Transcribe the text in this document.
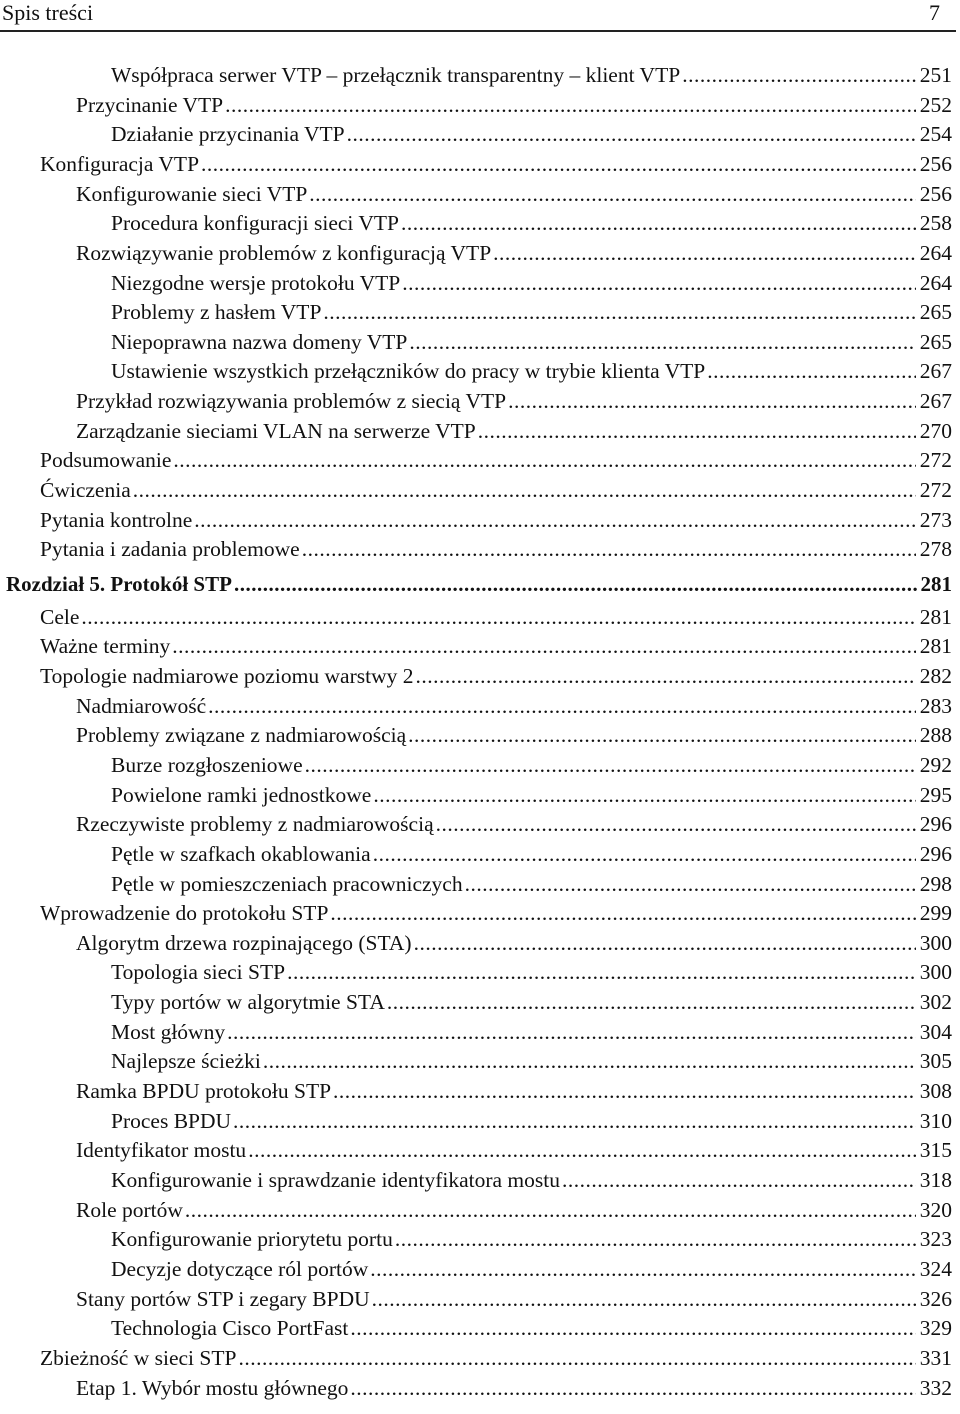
Spis treści	7
Współpraca serwer VTP – przełącznik transparentny – klient VTP .....	251
Przycinanie VTP .....	252
Działanie przycinania VTP .....	254
Konfiguracja VTP .....	256
Konfigurowanie sieci VTP .....	256
Procedura konfiguracji sieci VTP .....	258
Rozwiązywanie problemów z konfiguracją VTP .....	264
Niezgodne wersje protokołu VTP .....	264
Problemy z hasłem VTP .....	265
Niepoprawna nazwa domeny VTP .....	265
Ustawienie wszystkich przełączników do pracy w trybie klienta VTP .....	267
Przykład rozwiązywania problemów z siecią VTP .....	267
Zarządzanie sieciami VLAN na serwerze VTP .....	270
Podsumowanie .....	272
Ćwiczenia .....	272
Pytania kontrolne .....	273
Pytania i zadania problemowe .....	278
Rozdział 5. Protokół STP .....	281
Cele .....	281
Ważne terminy .....	281
Topologie nadmiarowe poziomu warstwy 2 .....	282
Nadmiarowość .....	283
Problemy związane z nadmiarowością .....	288
Burze rozgłoszeniowe .....	292
Powielone ramki jednostkowe .....	295
Rzeczywiste problemy z nadmiarowością .....	296
Pętle w szafkach okablowania .....	296
Pętle w pomieszczeniach pracowniczych .....	298
Wprowadzenie do protokołu STP .....	299
Algorytm drzewa rozpinającego (STA) .....	300
Topologia sieci STP .....	300
Typy portów w algorytmie STA .....	302
Most główny .....	304
Najlepsze ścieżki .....	305
Ramka BPDU protokołu STP .....	308
Proces BPDU .....	310
Identyfikator mostu .....	315
Konfigurowanie i sprawdzanie identyfikatora mostu .....	318
Role portów .....	320
Konfigurowanie priorytetu portu .....	323
Decyzje dotyczące ról portów .....	324
Stany portów STP i zegary BPDU .....	326
Technologia Cisco PortFast .....	329
Zbieżność w sieci STP .....	331
Etap 1. Wybór mostu głównego .....	332
